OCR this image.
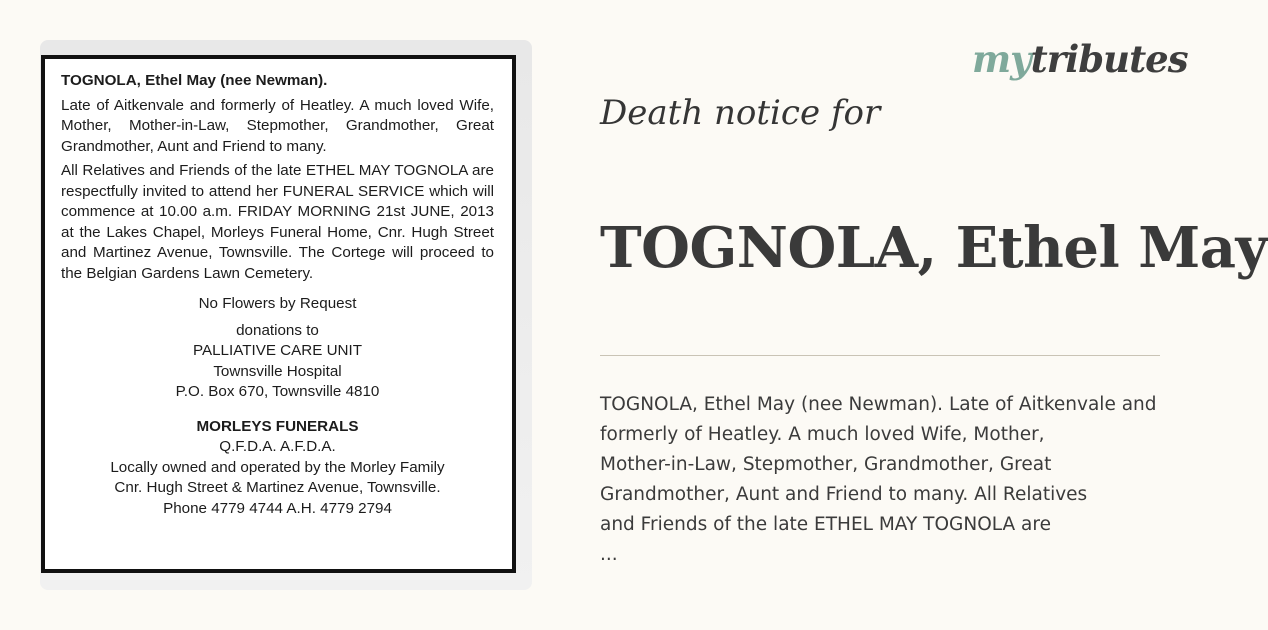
TOGNOLA, Ethel May (nee Newman).

Late of Aitkenvale and formerly of Heatley. A much loved Wife, Mother, Mother-in-Law, Stepmother, Grandmother, Great Grandmother, Aunt and Friend to many.

All Relatives and Friends of the late ETHEL MAY TOGNOLA are respectfully invited to attend her FUNERAL SERVICE which will commence at 10.00 a.m. FRIDAY MORNING 21st JUNE, 2013 at the Lakes Chapel, Morleys Funeral Home, Cnr. Hugh Street and Martinez Avenue, Townsville. The Cortege will proceed to the Belgian Gardens Lawn Cemetery.

No Flowers by Request

donations to

PALLIATIVE CARE UNIT

Townsville Hospital

P.O. Box 670, Townsville 4810

MORLEYS FUNERALS

Q.F.D.A. A.F.D.A.

Locally owned and operated by the Morley Family

Cnr. Hugh Street & Martinez Avenue, Townsville.

Phone 4779 4744 A.H. 4779 2794

mytributes
Death notice for
TOGNOLA, Ethel May

TOGNOLA, Ethel May (nee Newman). Late of Aitkenvale and
formerly of Heatley. A much loved Wife, Mother,
Mother-in-Law, Stepmother, Grandmother, Great
Grandmother, Aunt and Friend to many. All Relatives
and Friends of the late ETHEL MAY TOGNOLA are
...
